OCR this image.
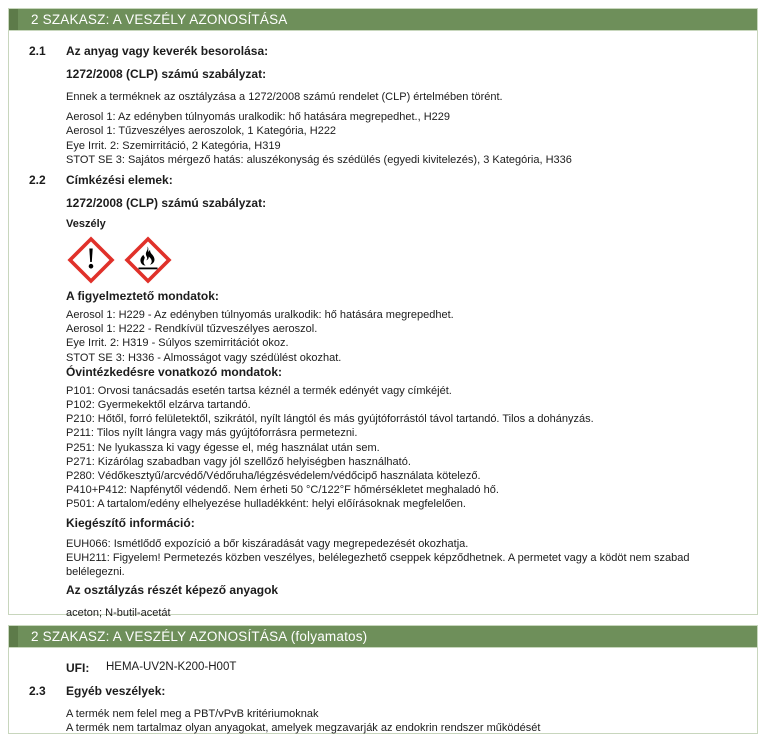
2 SZAKASZ: A VESZÉLY AZONOSÍTÁSA
2.1 Az anyag vagy keverék besorolása:
1272/2008 (CLP) számú szabályzat:
Ennek a terméknek az osztályzása a 1272/2008 számú rendelet (CLP) értelmében törént.
Aerosol 1: Az edényben túlnyomás uralkodik: hő hatására megrepedhet., H229
Aerosol 1: Tűzveszélyes aeroszolok, 1 Kategória, H222
Eye Irrit. 2: Szemirritáció, 2 Kategória, H319
STOT SE 3: Sajátos mérgező hatás: aluszékonyság és szédülés (egyedi kivitelezés), 3 Kategória, H336
2.2 Címkézési elemek:
1272/2008 (CLP) számú szabályzat:
Veszély
A figyelmeztető mondatok:
Aerosol 1: H229 - Az edényben túlnyomás uralkodik: hő hatására megrepedhet.
Aerosol 1: H222 - Rendkívül tűzveszélyes aeroszol.
Eye Irrit. 2: H319 - Súlyos szemirritációt okoz.
STOT SE 3: H336 - Almosságot vagy szédülést okozhat.
Óvintézkedésre vonatkozó mondatok:
P101: Orvosi tanácsadás esetén tartsa kéznél a termék edényét vagy címkéjét.
P102: Gyermekektől elzárva tartandó.
P210: Hőtől, forró felületektől, szikrától, nyílt lángtól és más gyújtóforrástól távol tartandó. Tilos a dohányzás.
P211: Tilos nyílt lángra vagy más gyújtóforrásra permetezni.
P251: Ne lyukassza ki vagy égesse el, még használat után sem.
P271: Kizárólag szabadban vagy jól szellőző helyiségben használható.
P280: Védőkesztyű/arcvédő/Védőruha/légzésvédelem/védőcipő használata kötelező.
P410+P412: Napfénytől védendő. Nem érheti 50 °C/122°F hőmérsékletet meghaladó hő.
P501: A tartalom/edény elhelyezése hulladékként: helyi előírásoknak megfelelően.
Kiegészítő információ:
EUH066: Ismétlődő expozíció a bőr kiszáradását vagy megrepedezését okozhatja.
EUH211: Figyelem! Permetezés közben veszélyes, belélegezhető cseppek képződhetnek. A permetet vagy a ködöt nem szabad belélegezni.
Az osztályzás részét képező anyagok
aceton; N-butil-acetát
2 SZAKASZ: A VESZÉLY AZONOSÍTÁSA (folyamatos)
UFI:	HEMA-UV2N-K200-H00T
2.3 Egyéb veszélyek:
A termék nem felel meg a PBT/vPvB kritériumoknak
A termék nem tartalmaz olyan anyagokat, amelyek megzavarják az endokrin rendszer működését
